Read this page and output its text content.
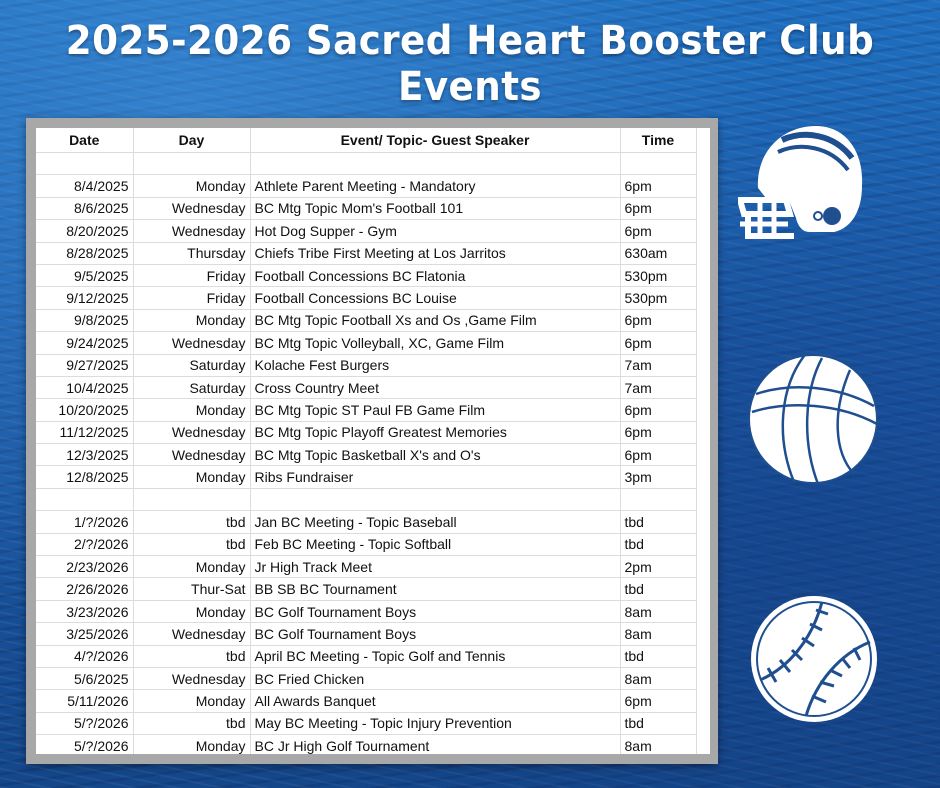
2025-2026 Sacred Heart Booster Club Events
Date	Day	Event/ Topic- Guest Speaker	Time

8/4/2025	Monday	Athlete Parent Meeting - Mandatory	6pm
8/6/2025	Wednesday	BC Mtg Topic Mom's Football 101	6pm
8/20/2025	Wednesday	Hot Dog Supper - Gym	6pm
8/28/2025	Thursday	Chiefs Tribe First Meeting at Los Jarritos	630am
9/5/2025	Friday	Football Concessions BC Flatonia	530pm
9/12/2025	Friday	Football Concessions BC Louise	530pm
9/8/2025	Monday	BC Mtg Topic Football Xs and Os ,Game Film	6pm
9/24/2025	Wednesday	BC Mtg Topic Volleyball, XC, Game Film	6pm
9/27/2025	Saturday	Kolache Fest Burgers	7am
10/4/2025	Saturday	Cross Country Meet	7am
10/20/2025	Monday	BC Mtg Topic ST Paul FB Game Film	6pm
11/12/2025	Wednesday	BC Mtg Topic Playoff Greatest Memories	6pm
12/3/2025	Wednesday	BC Mtg Topic Basketball X's and O's	6pm
12/8/2025	Monday	Ribs Fundraiser	3pm

1/?/2026	tbd	Jan BC Meeting - Topic Baseball	tbd
2/?/2026	tbd	Feb BC Meeting - Topic Softball	tbd
2/23/2026	Monday	Jr High Track Meet	2pm
2/26/2026	Thur-Sat	BB SB BC Tournament	tbd
3/23/2026	Monday	BC Golf Tournament Boys	8am
3/25/2026	Wednesday	BC Golf Tournament Boys	8am
4/?/2026	tbd	April BC Meeting - Topic Golf and Tennis	tbd
5/6/2025	Wednesday	BC Fried Chicken	8am
5/11/2026	Monday	All Awards Banquet	6pm
5/?/2026	tbd	May BC Meeting - Topic Injury Prevention	tbd
5/?/2026	Monday	BC Jr High Golf Tournament	8am
